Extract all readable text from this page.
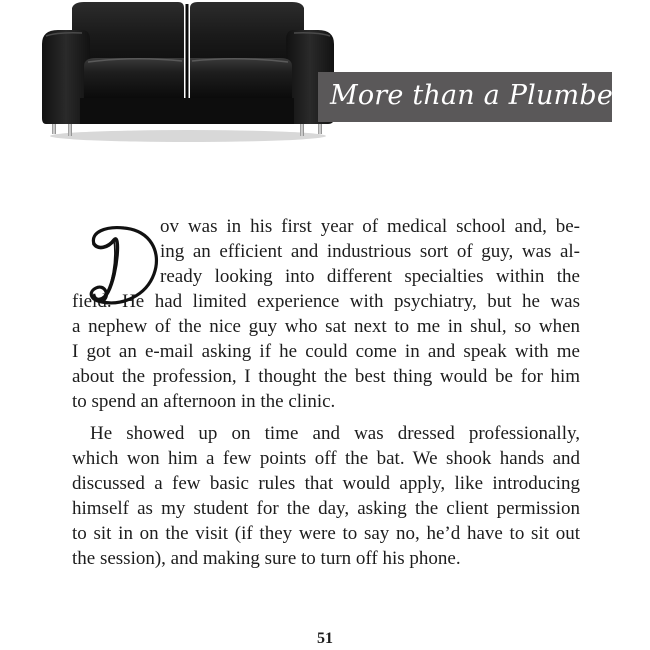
More than a Plumber
ov was in his first year of medical school and, be-
ing an efficient and industrious sort of guy, was al-
ready looking into different specialties within the
field. He had limited experience with psychiatry, but he was
a nephew of the nice guy who sat next to me in shul, so when
I got an e-mail asking if he could come in and speak with me
about the profession, I thought the best thing would be for him
to spend an afternoon in the clinic.
He showed up on time and was dressed professionally,
which won him a few points off the bat. We shook hands and
discussed a few basic rules that would apply, like introducing
himself as my student for the day, asking the client permission
to sit in on the visit (if they were to say no, he’d have to sit out
the session), and making sure to turn off his phone.
51
